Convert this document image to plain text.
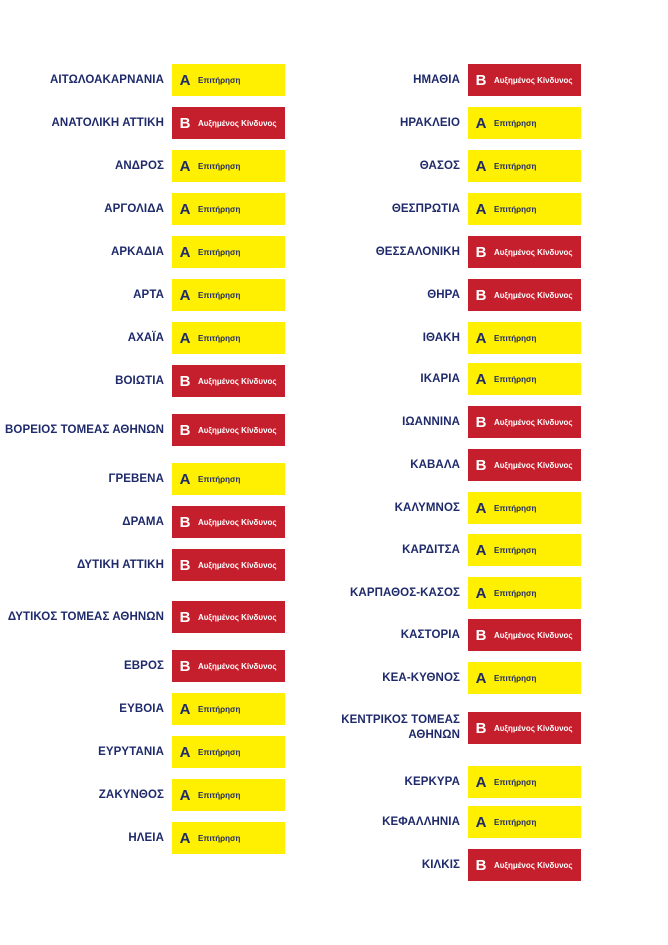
ΑΙΤΩΛΟΑΚΑΡΝΑΝΙΑ	A Επιτήρηση
ΑΝΑΤΟΛΙΚΗ ΑΤΤΙΚΗ	B Αυξημένος Κίνδυνος
ΑΝΔΡΟΣ	A Επιτήρηση
ΑΡΓΟΛΙΔΑ	A Επιτήρηση
ΑΡΚΑΔΙΑ	A Επιτήρηση
ΑΡΤΑ	A Επιτήρηση
ΑΧΑΪΑ	A Επιτήρηση
ΒΟΙΩΤΙΑ	B Αυξημένος Κίνδυνος
ΒΟΡΕΙΟΣ ΤΟΜΕΑΣ ΑΘΗΝΩΝ	B Αυξημένος Κίνδυνος
ΓΡΕΒΕΝΑ	A Επιτήρηση
ΔΡΑΜΑ	B Αυξημένος Κίνδυνος
ΔΥΤΙΚΗ ΑΤΤΙΚΗ	B Αυξημένος Κίνδυνος
ΔΥΤΙΚΟΣ ΤΟΜΕΑΣ ΑΘΗΝΩΝ	B Αυξημένος Κίνδυνος
ΕΒΡΟΣ	B Αυξημένος Κίνδυνος
ΕΥΒΟΙΑ	A Επιτήρηση
ΕΥΡΥΤΑΝΙΑ	A Επιτήρηση
ΖΑΚΥΝΘΟΣ	A Επιτήρηση
ΗΛΕΙΑ	A Επιτήρηση
ΗΜΑΘΙΑ	B Αυξημένος Κίνδυνος
ΗΡΑΚΛΕΙΟ	A Επιτήρηση
ΘΑΣΟΣ	A Επιτήρηση
ΘΕΣΠΡΩΤΙΑ	A Επιτήρηση
ΘΕΣΣΑΛΟΝΙΚΗ	B Αυξημένος Κίνδυνος
ΘΗΡΑ	B Αυξημένος Κίνδυνος
ΙΘΑΚΗ	A Επιτήρηση
ΙΚΑΡΙΑ	A Επιτήρηση
ΙΩΑΝΝΙΝΑ	B Αυξημένος Κίνδυνος
ΚΑΒΑΛΑ	B Αυξημένος Κίνδυνος
ΚΑΛΥΜΝΟΣ	A Επιτήρηση
ΚΑΡΔΙΤΣΑ	A Επιτήρηση
ΚΑΡΠΑΘΟΣ-ΚΑΣΟΣ	A Επιτήρηση
ΚΑΣΤΟΡΙΑ	B Αυξημένος Κίνδυνος
ΚΕΑ-ΚΥΘΝΟΣ	A Επιτήρηση
ΚΕΝΤΡΙΚΟΣ ΤΟΜΕΑΣ ΑΘΗΝΩΝ	B Αυξημένος Κίνδυνος
ΚΕΡΚΥΡΑ	A Επιτήρηση
ΚΕΦΑΛΛΗΝΙΑ	A Επιτήρηση
ΚΙΛΚΙΣ	B Αυξημένος Κίνδυνος
